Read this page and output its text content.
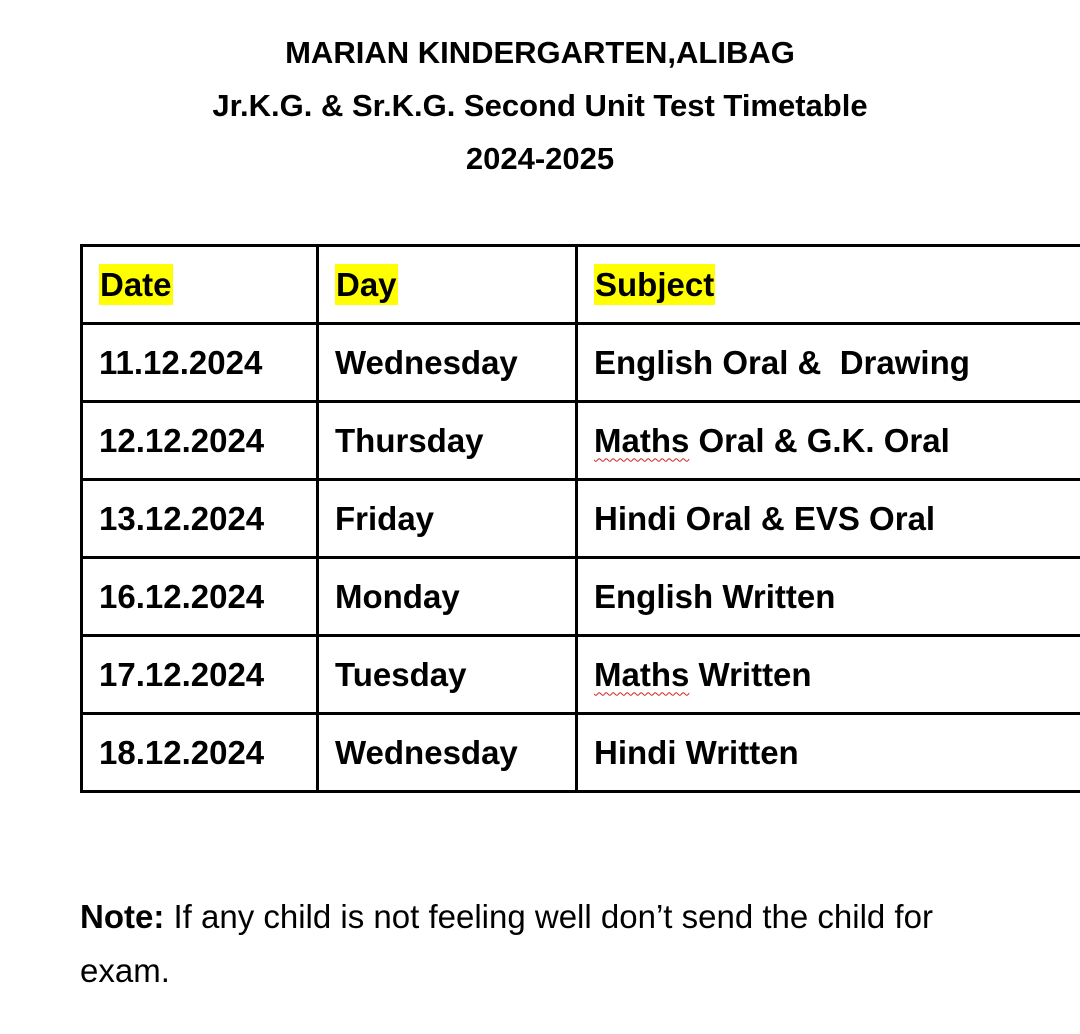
MARIAN KINDERGARTEN,ALIBAG
Jr.K.G. & Sr.K.G. Second Unit Test Timetable
2024-2025
Date	Day	Subject
11.12.2024	Wednesday	English Oral &  Drawing
12.12.2024	Thursday	Maths Oral & G.K. Oral
13.12.2024	Friday	Hindi Oral & EVS Oral
16.12.2024	Monday	English Written
17.12.2024	Tuesday	Maths Written
18.12.2024	Wednesday	Hindi Written
Note: If any child is not feeling well don’t send the child for exam.
